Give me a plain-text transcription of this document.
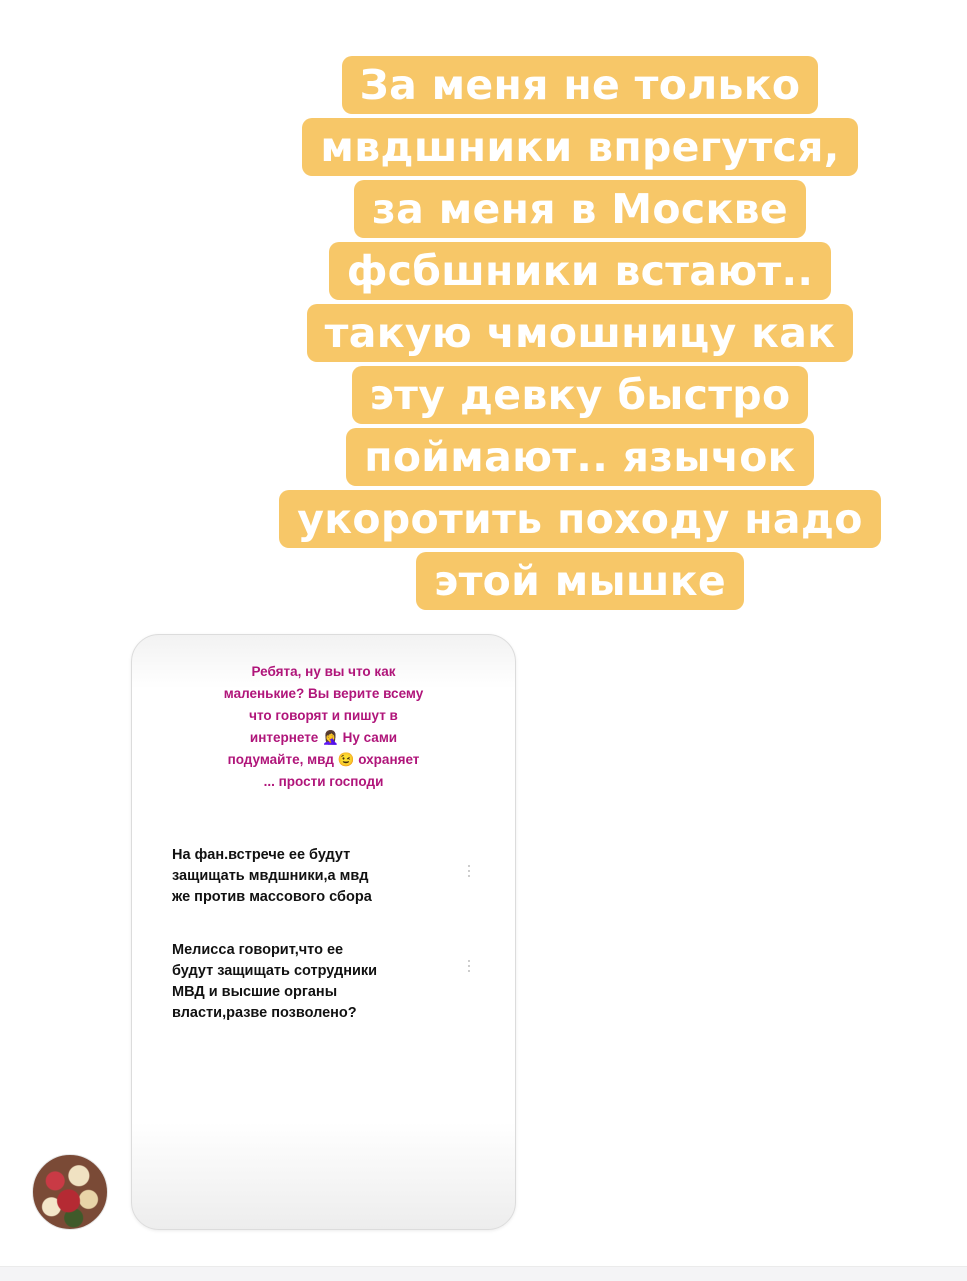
За меня не только
мвдшники впрегутся,
за меня в Москве
фсбшники встают..
такую чмошницу как
эту девку быстро
поймают.. язычок
укоротить походу надо
этой мышке
Ребята, ну вы что как маленькие? Вы верите всему что говорят и пишут в интернете 🤦‍♀️ Ну сами подумайте, мвд 😉 охраняет ... прости господи
На фан.встрече ее будут
защищать мвдшники,а мвд
же против массового сбора
Мелисса говорит,что ее
будут защищать сотрудники
МВД и высшие органы
власти,разве позволено?
